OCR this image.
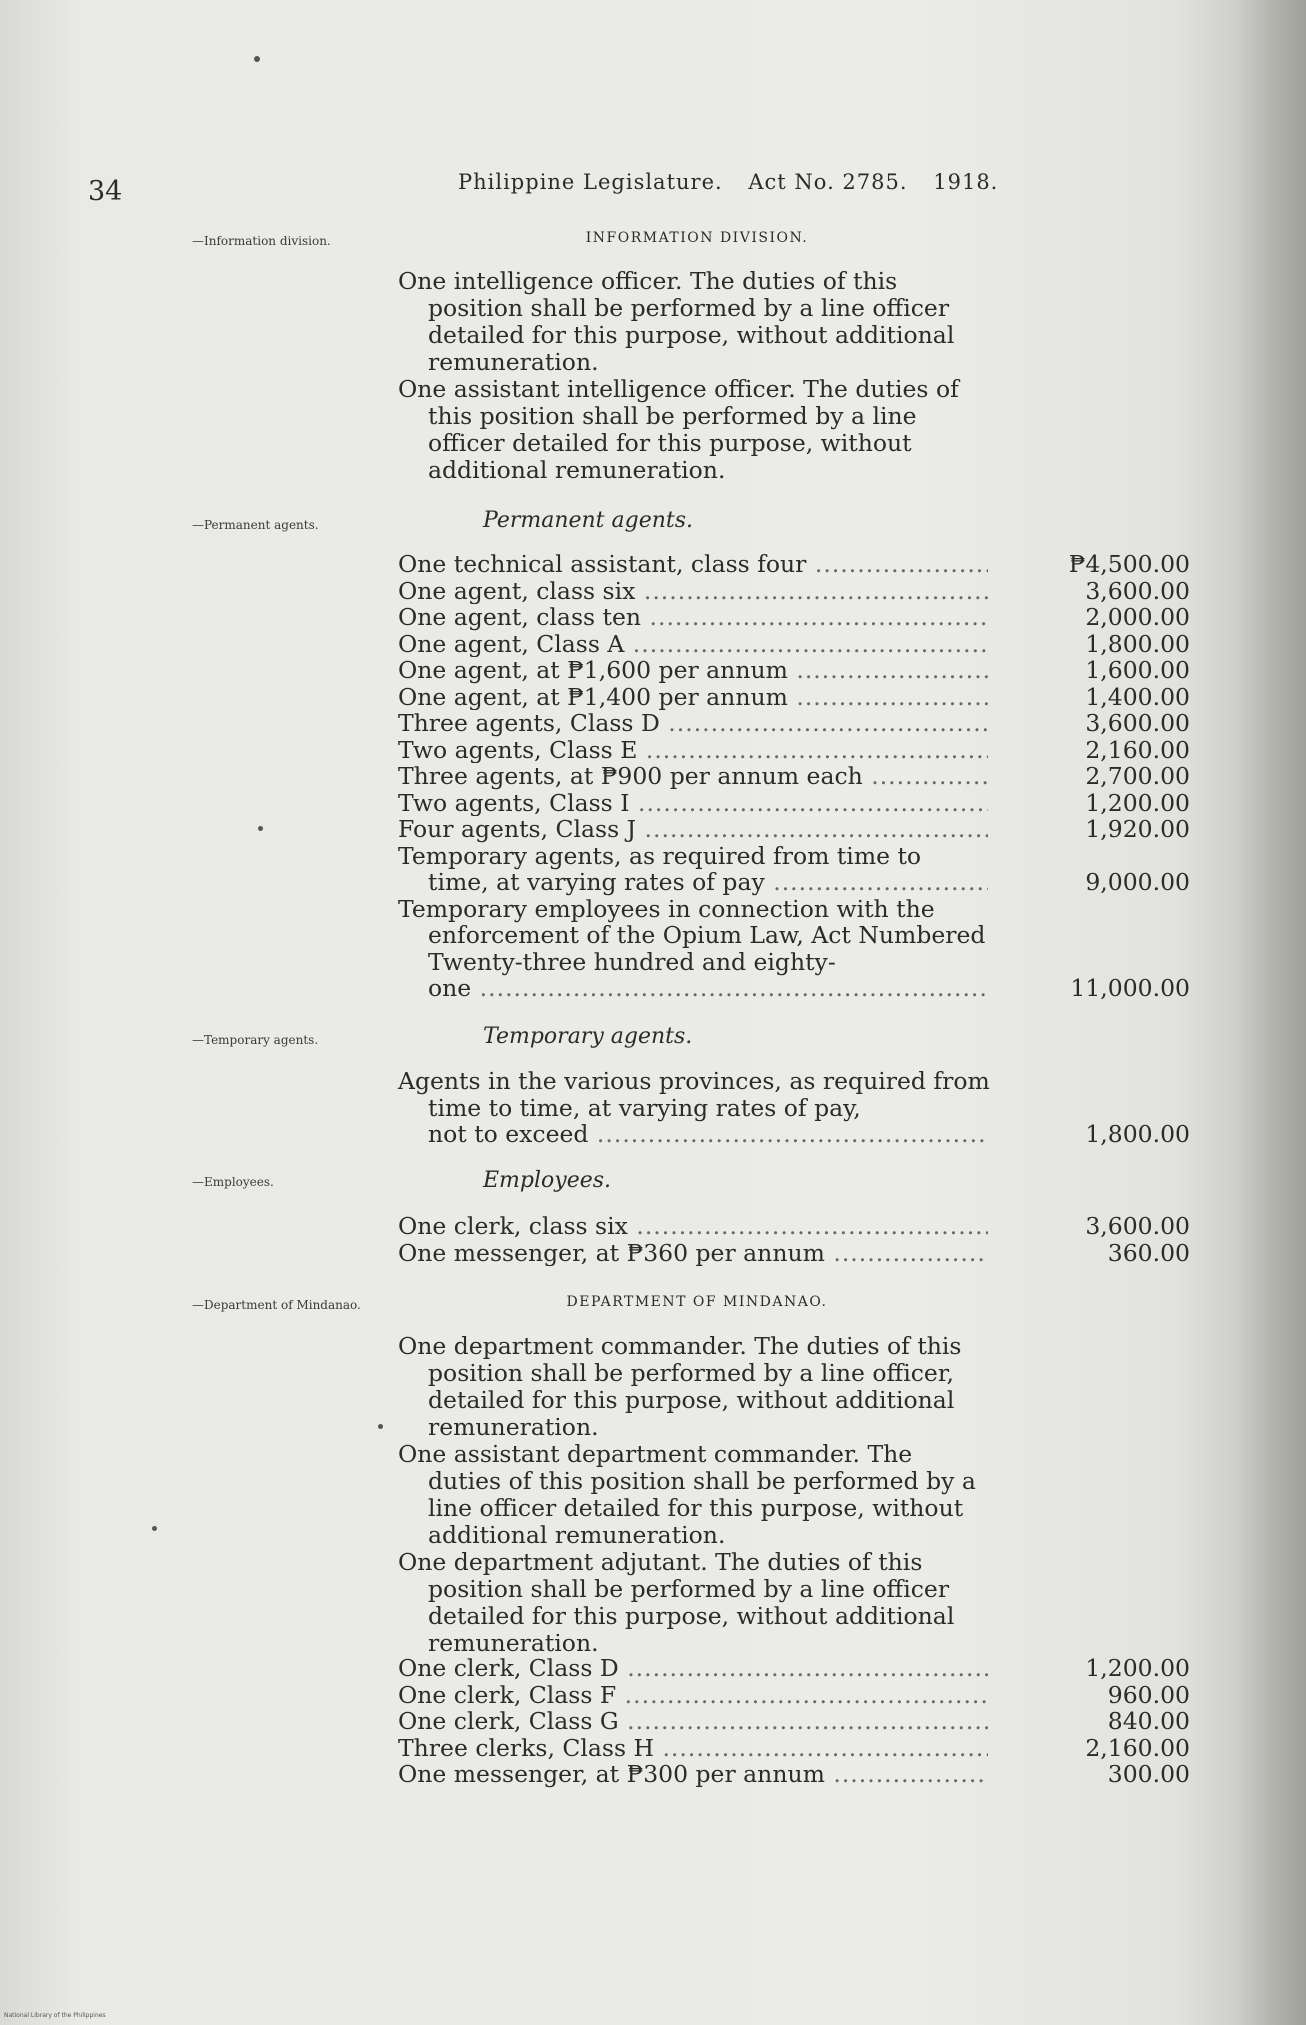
34	Philippine Legislature. Act No. 2785. 1918.
—Information division.	INFORMATION DIVISION.

One intelligence officer. The duties of this position shall be performed by a line officer detailed for this purpose, without additional remuneration.

One assistant intelligence officer. The duties of this position shall be performed by a line officer detailed for this purpose, without additional remuneration.

—Permanent agents.	Permanent agents.
One technical assistant, class four .....	₱4,500.00
One agent, class six .....	3,600.00
One agent, class ten .....	2,000.00
One agent, Class A .....	1,800.00
One agent, at ₱1,600 per annum .....	1,600.00
One agent, at ₱1,400 per annum .....	1,400.00
Three agents, Class D .....	3,600.00
Two agents, Class E .....	2,160.00
Three agents, at ₱900 per annum each .....	2,700.00
Two agents, Class I .....	1,200.00
Four agents, Class J .....	1,920.00
Temporary agents, as required from time to
time, at varying rates of pay .....	9,000.00
Temporary employees in connection with the enforcement of the Opium Law, Act Numbered Twenty-three hundred and eighty-
one .....	11,000.00
—Temporary agents.	Temporary agents.
Agents in the various provinces, as required from time to time, at varying rates of pay,
not to exceed .....	1,800.00
—Employees.	Employees.
One clerk, class six .....	3,600.00
One messenger, at ₱360 per annum .....	360.00
—Department of Mindanao.	DEPARTMENT OF MINDANAO.

One department commander. The duties of this position shall be performed by a line officer, detailed for this purpose, without additional remuneration.

One assistant department commander. The duties of this position shall be performed by a line officer detailed for this purpose, without additional remuneration.

One department adjutant. The duties of this position shall be performed by a line officer detailed for this purpose, without additional remuneration.

One clerk, Class D .....	1,200.00
One clerk, Class F .....	960.00
One clerk, Class G .....	840.00
Three clerks, Class H .....	2,160.00
One messenger, at ₱300 per annum .....	300.00
National Library of the Philippines
